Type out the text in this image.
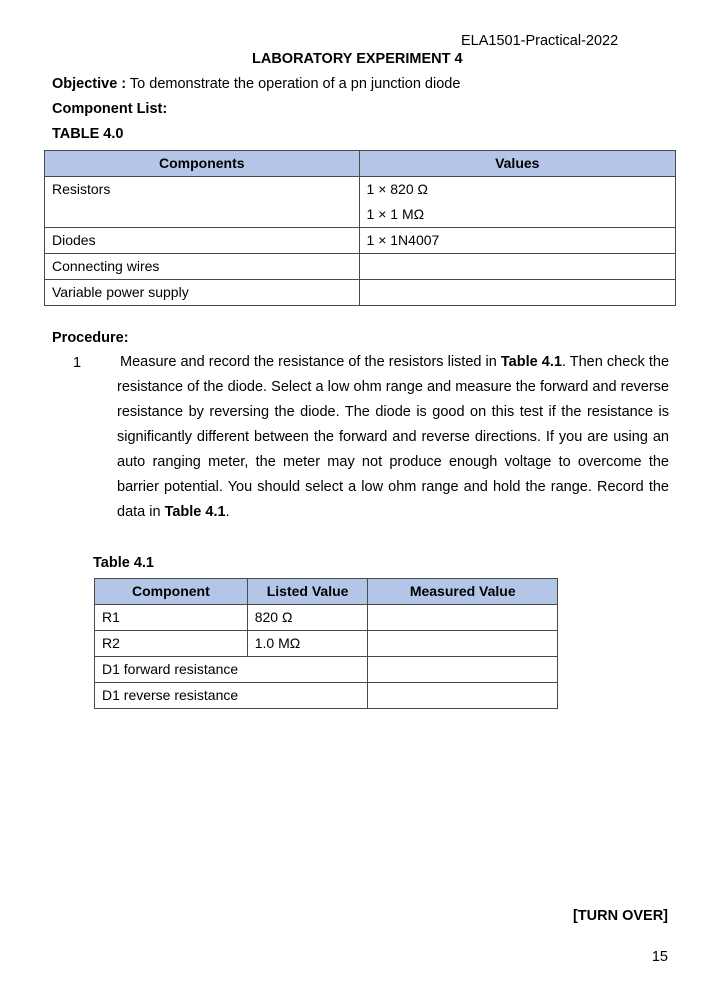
ELA1501-Practical-2022
LABORATORY EXPERIMENT 4
Objective : To demonstrate the operation of a pn junction diode
Component List:
TABLE 4.0
Components	Values
Resistors	1 × 820 Ω
1 × 1 MΩ

Diodes	1 × 1N4007
Connecting wires	
Variable power supply	
Procedure:
1	Measure and record the resistance of the resistors listed in Table 4.1. Then check the resistance of the diode. Select a low ohm range and measure the forward and reverse resistance by reversing the diode. The diode is good on this test if the resistance is significantly different between the forward and reverse directions. If you are using an auto ranging meter, the meter may not produce enough voltage to overcome the barrier potential. You should select a low ohm range and hold the range. Record the data in Table 4.1.
Table 4.1
Component	Listed Value	Measured Value
R1	820 Ω	
R2	1.0 MΩ	
D1 forward resistance		
D1 reverse resistance		
[TURN OVER]
15
